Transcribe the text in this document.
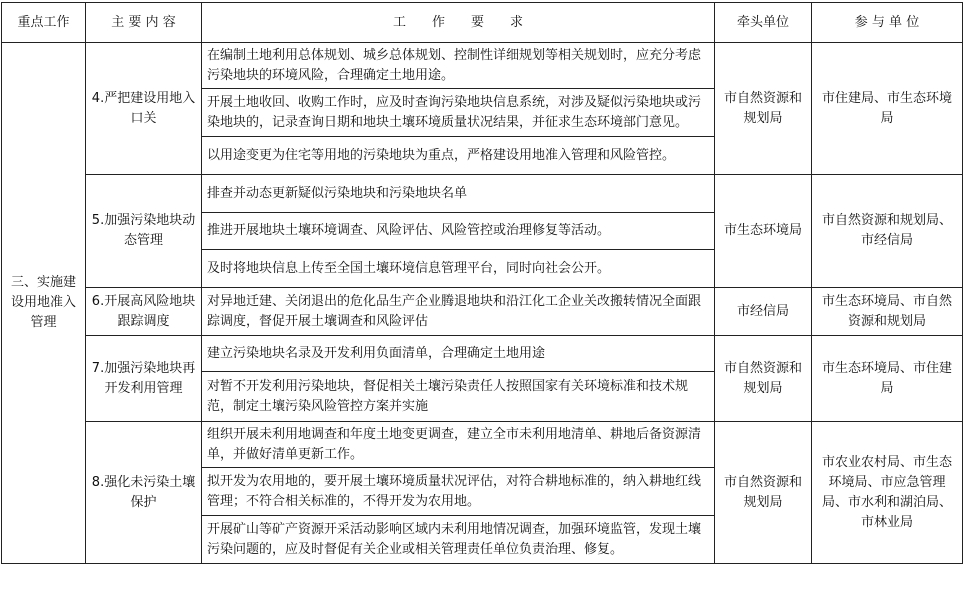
重点工作	主 要 内 容	工　　作　　要　　求	牵头单位	参 与 单 位
三、实施建设用地准入管理	4.严把建设用地入口关	在编制土地利用总体规划、城乡总体规划、控制性详细规划等相关规划时，应充分考虑污染地块的环境风险，合理确定土地用途。	市自然资源和规划局	市住建局、市生态环境局
		开展土地收回、收购工作时，应及时查询污染地块信息系统，对涉及疑似污染地块或污染地块的，记录查询日期和地块土壤环境质量状况结果，并征求生态环境部门意见。		
		以用途变更为住宅等用地的污染地块为重点，严格建设用地准入管理和风险管控。		
	5.加强污染地块动态管理	排查并动态更新疑似污染地块和污染地块名单	市生态环境局	市自然资源和规划局、市经信局
		推进开展地块土壤环境调查、风险评估、风险管控或治理修复等活动。		
		及时将地块信息上传至全国土壤环境信息管理平台，同时向社会公开。		
	6.开展高风险地块跟踪调度	对异地迁建、关闭退出的危化品生产企业腾退地块和沿江化工企业关改搬转情况全面跟踪调度，督促开展土壤调查和风险评估	市经信局	市生态环境局、市自然资源和规划局
	7.加强污染地块再开发利用管理	建立污染地块名录及开发利用负面清单，合理确定土地用途	市自然资源和规划局	市生态环境局、市住建局
		对暂不开发利用污染地块，督促相关土壤污染责任人按照国家有关环境标准和技术规范，制定土壤污染风险管控方案并实施		
	8.强化未污染土壤保护	组织开展未利用地调查和年度土地变更调查，建立全市未利用地清单、耕地后备资源清单，并做好清单更新工作。	市自然资源和规划局	市农业农村局、市生态环境局、市应急管理局、市水利和湖泊局、市林业局
		拟开发为农用地的，要开展土壤环境质量状况评估，对符合耕地标准的，纳入耕地红线管理；不符合相关标准的，不得开发为农用地。		
		开展矿山等矿产资源开采活动影响区域内未利用地情况调查，加强环境监管，发现土壤污染问题的，应及时督促有关企业或相关管理责任单位负责治理、修复。		
